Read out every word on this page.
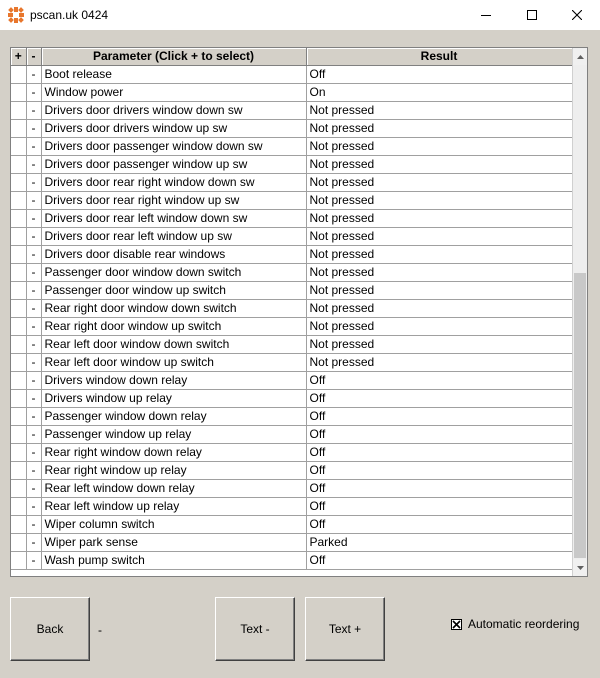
pscan.uk 0424
+	-	Parameter (Click + to select)	Result
	-	Boot release	Off
	-	Window power	On
	-	Drivers door drivers window down sw	Not pressed
	-	Drivers door drivers window up sw	Not pressed
	-	Drivers door passenger window down sw	Not pressed
	-	Drivers door passenger window up sw	Not pressed
	-	Drivers door rear right window down sw	Not pressed
	-	Drivers door rear right window up sw	Not pressed
	-	Drivers door rear left window down sw	Not pressed
	-	Drivers door rear left window up sw	Not pressed
	-	Drivers door disable rear windows	Not pressed
	-	Passenger door window down switch	Not pressed
	-	Passenger door window up switch	Not pressed
	-	Rear right door window down switch	Not pressed
	-	Rear right door window up switch	Not pressed
	-	Rear left door window down switch	Not pressed
	-	Rear left door window up switch	Not pressed
	-	Drivers window down relay	Off
	-	Drivers window up relay	Off
	-	Passenger window down relay	Off
	-	Passenger window up relay	Off
	-	Rear right window down relay	Off
	-	Rear right window up relay	Off
	-	Rear left window down relay	Off
	-	Rear left window up relay	Off
	-	Wiper column switch	Off
	-	Wiper park sense	Parked
	-	Wash pump switch	Off
Back	-	Text -	Text +	Automatic reordering
